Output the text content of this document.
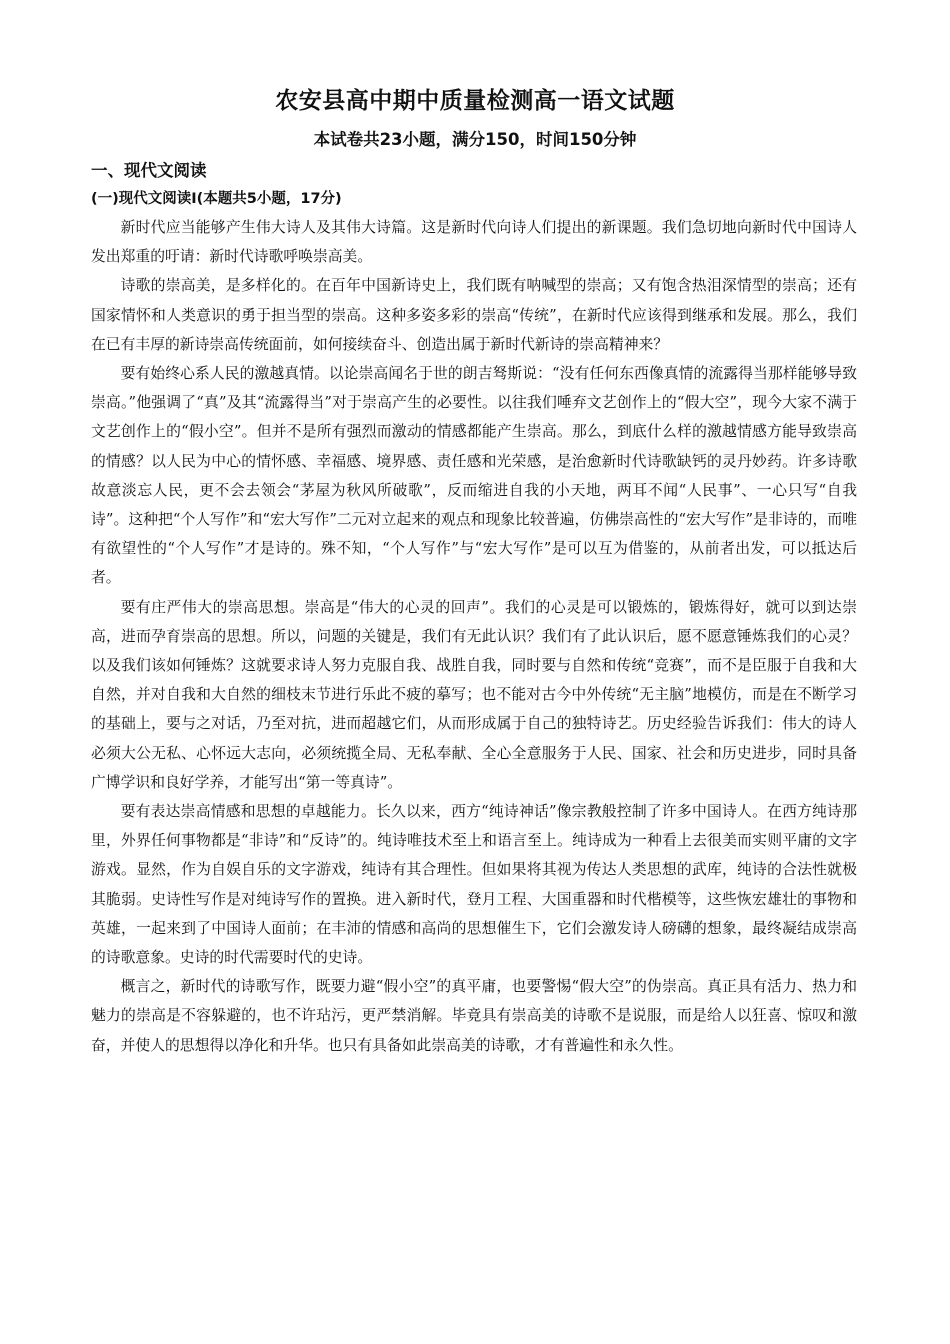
农安县高中期中质量检测高一语文试题
本试卷共23小题，满分150，时间150分钟
一、现代文阅读
(一)现代文阅读Ⅰ(本题共5小题，17分)

新时代应当能够产生伟大诗人及其伟大诗篇。这是新时代向诗人们提出的新课题。我们急切地向新时代中国诗人发出郑重的吁请：新时代诗歌呼唤崇高美。

诗歌的崇高美，是多样化的。在百年中国新诗史上，我们既有呐喊型的崇高；又有饱含热泪深情型的崇高；还有国家情怀和人类意识的勇于担当型的崇高。这种多姿多彩的崇高“传统”，在新时代应该得到继承和发展。那么，我们在已有丰厚的新诗崇高传统面前，如何接续奋斗、创造出属于新时代新诗的崇高精神来？

要有始终心系人民的激越真情。以论崇高闻名于世的朗吉驽斯说：“没有任何东西像真情的流露得当那样能够导致崇高。”他强调了“真”及其“流露得当”对于崇高产生的必要性。以往我们唾弃文艺创作上的“假大空”，现今大家不满于文艺创作上的“假小空”。但并不是所有强烈而激动的情感都能产生崇高。那么，到底什么样的激越情感方能导致崇高的情感？以人民为中心的情怀感、幸福感、境界感、责任感和光荣感，是治愈新时代诗歌缺钙的灵丹妙药。许多诗歌故意淡忘人民，更不会去领会“茅屋为秋风所破歌”，反而缩进自我的小天地，两耳不闻“人民事”、一心只写“自我诗”。这种把“个人写作”和“宏大写作”二元对立起来的观点和现象比较普遍，仿佛崇高性的“宏大写作”是非诗的，而唯有欲望性的“个人写作”才是诗的。殊不知，“个人写作”与“宏大写作”是可以互为借鉴的，从前者出发，可以抵达后者。

要有庄严伟大的崇高思想。崇高是“伟大的心灵的回声”。我们的心灵是可以锻炼的，锻炼得好，就可以到达崇高，进而孕育崇高的思想。所以，问题的关键是，我们有无此认识？我们有了此认识后，愿不愿意锤炼我们的心灵？以及我们该如何锤炼？这就要求诗人努力克服自我、战胜自我，同时要与自然和传统“竞赛”，而不是臣服于自我和大自然，并对自我和大自然的细枝末节进行乐此不疲的摹写；也不能对古今中外传统“无主脑”地模仿，而是在不断学习的基础上，要与之对话，乃至对抗，进而超越它们，从而形成属于自己的独特诗艺。历史经验告诉我们：伟大的诗人必须大公无私、心怀远大志向，必须统揽全局、无私奉献、全心全意服务于人民、国家、社会和历史进步，同时具备广博学识和良好学养，才能写出“第一等真诗”。

要有表达崇高情感和思想的卓越能力。长久以来，西方“纯诗神话”像宗教般控制了许多中国诗人。在西方纯诗那里，外界任何事物都是“非诗”和“反诗”的。纯诗唯技术至上和语言至上。纯诗成为一种看上去很美而实则平庸的文字游戏。显然，作为自娱自乐的文字游戏，纯诗有其合理性。但如果将其视为传达人类思想的武库，纯诗的合法性就极其脆弱。史诗性写作是对纯诗写作的置换。进入新时代，登月工程、大国重器和时代楷模等，这些恢宏雄壮的事物和英雄，一起来到了中国诗人面前；在丰沛的情感和高尚的思想催生下，它们会激发诗人磅礴的想象，最终凝结成崇高的诗歌意象。史诗的时代需要时代的史诗。

概言之，新时代的诗歌写作，既要力避“假小空”的真平庸，也要警惕“假大空”的伪崇高。真正具有活力、热力和魅力的崇高是不容躲避的，也不许玷污，更严禁消解。毕竟具有崇高美的诗歌不是说服，而是给人以狂喜、惊叹和激奋，并使人的思想得以净化和升华。也只有具备如此崇高美的诗歌，才有普遍性和永久性。
